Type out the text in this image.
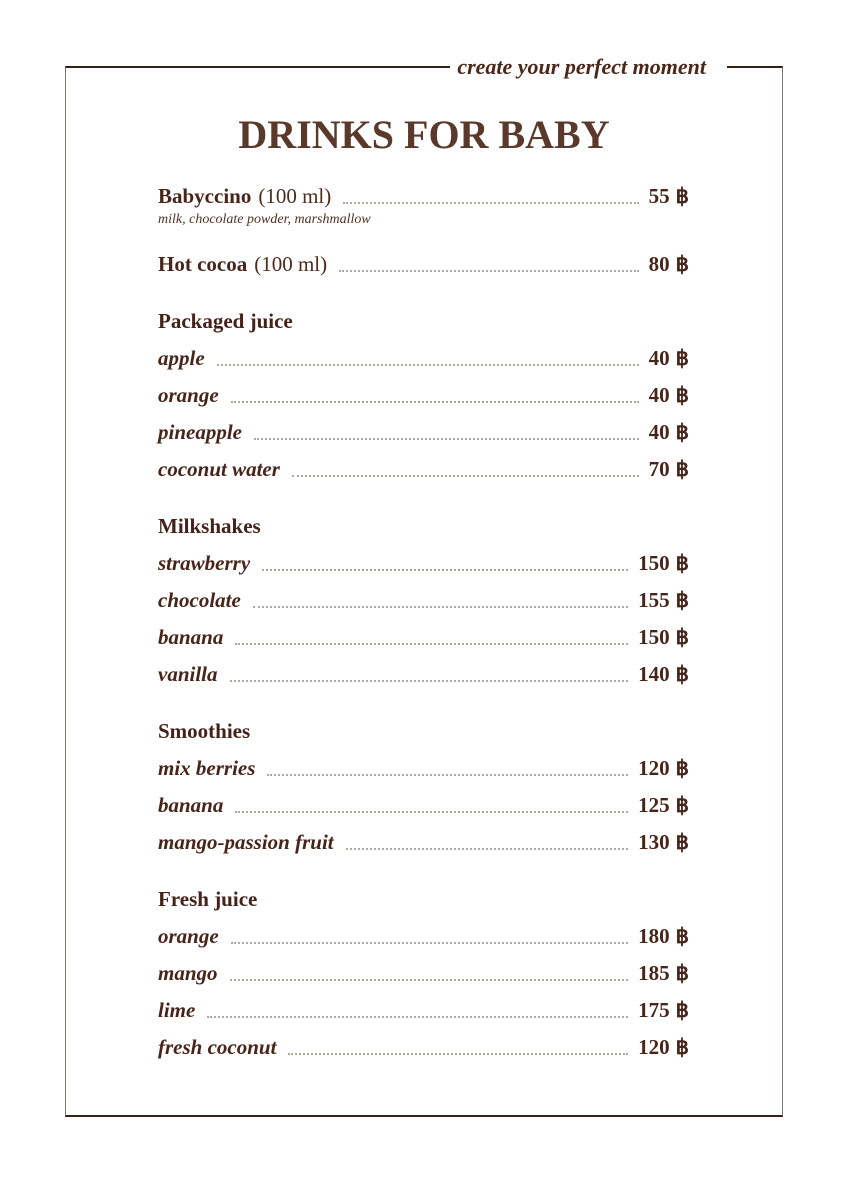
create your perfect moment
DRINKS FOR BABY
Babyccino (100 ml)	55 ฿
milk, chocolate powder, marshmallow
Hot cocoa (100 ml)	80 ฿
Packaged juice
apple	40 ฿
orange	40 ฿
pineapple	40 ฿
coconut water	70 ฿
Milkshakes
strawberry	150 ฿
chocolate	155 ฿
banana	150 ฿
vanilla	140 ฿
Smoothies
mix berries	120 ฿
banana	125 ฿
mango-passion fruit	130 ฿
Fresh juice
orange	180 ฿
mango	185 ฿
lime	175 ฿
fresh coconut	120 ฿
